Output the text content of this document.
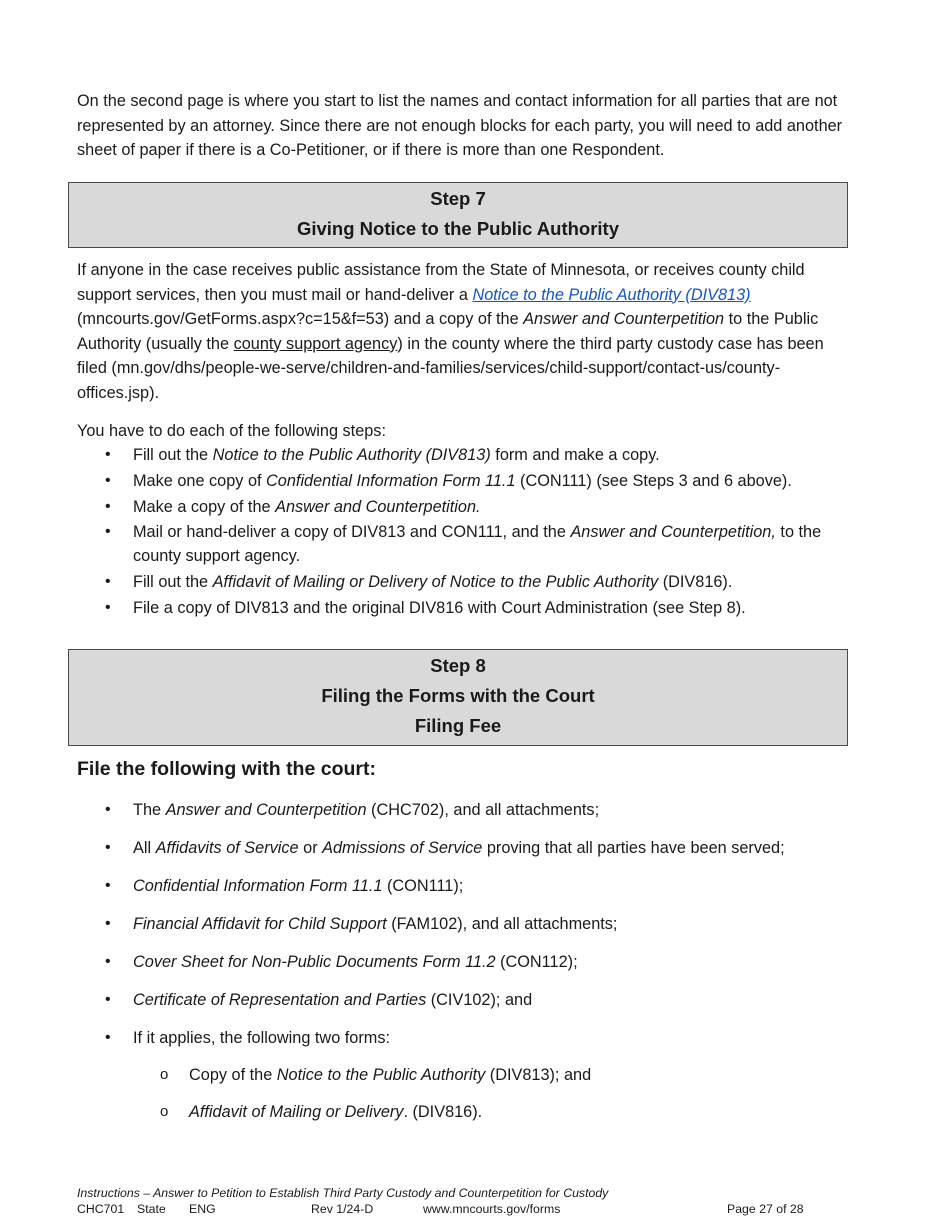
On the second page is where you start to list the names and contact information for all parties that are not represented by an attorney. Since there are not enough blocks for each party, you will need to add another sheet of paper if there is a Co-Petitioner, or if there is more than one Respondent.

Step 7
Giving Notice to the Public Authority

If anyone in the case receives public assistance from the State of Minnesota, or receives county child support services, then you must mail or hand-deliver a Notice to the Public Authority (DIV813) (mncourts.gov/GetForms.aspx?c=15&f=53) and a copy of the Answer and Counterpetition to the Public Authority (usually the county support agency) in the county where the third party custody case has been filed (mn.gov/dhs/people-we-serve/children-and-families/services/child-support/contact-us/county-offices.jsp).

You have to do each of the following steps:

•	Fill out the Notice to the Public Authority (DIV813) form and make a copy.
•	Make one copy of Confidential Information Form 11.1 (CON111) (see Steps 3 and 6 above).
•	Make a copy of the Answer and Counterpetition.
•	Mail or hand-deliver a copy of DIV813 and CON111, and the Answer and Counterpetition, to the county support agency.
•	Fill out the Affidavit of Mailing or Delivery of Notice to the Public Authority (DIV816).
•	File a copy of DIV813 and the original DIV816 with Court Administration (see Step 8).
Step 8
Filing the Forms with the Court
Filing Fee
File the following with the court:
•	The Answer and Counterpetition (CHC702), and all attachments;
•	All Affidavits of Service or Admissions of Service proving that all parties have been served;
•	Confidential Information Form 11.1 (CON111);
•	Financial Affidavit for Child Support (FAM102), and all attachments;
•	Cover Sheet for Non-Public Documents Form 11.2 (CON112);
•	Certificate of Representation and Parties (CIV102); and
•	If it applies, the following two forms:
o Copy of the Notice to the Public Authority (DIV813); and
o Affidavit of Mailing or Delivery. (DIV816).
Instructions – Answer to Petition to Establish Third Party Custody and Counterpetition for Custody
CHC701 State ENG	Rev 1/24-D	www.mncourts.gov/forms	Page 27 of 28
